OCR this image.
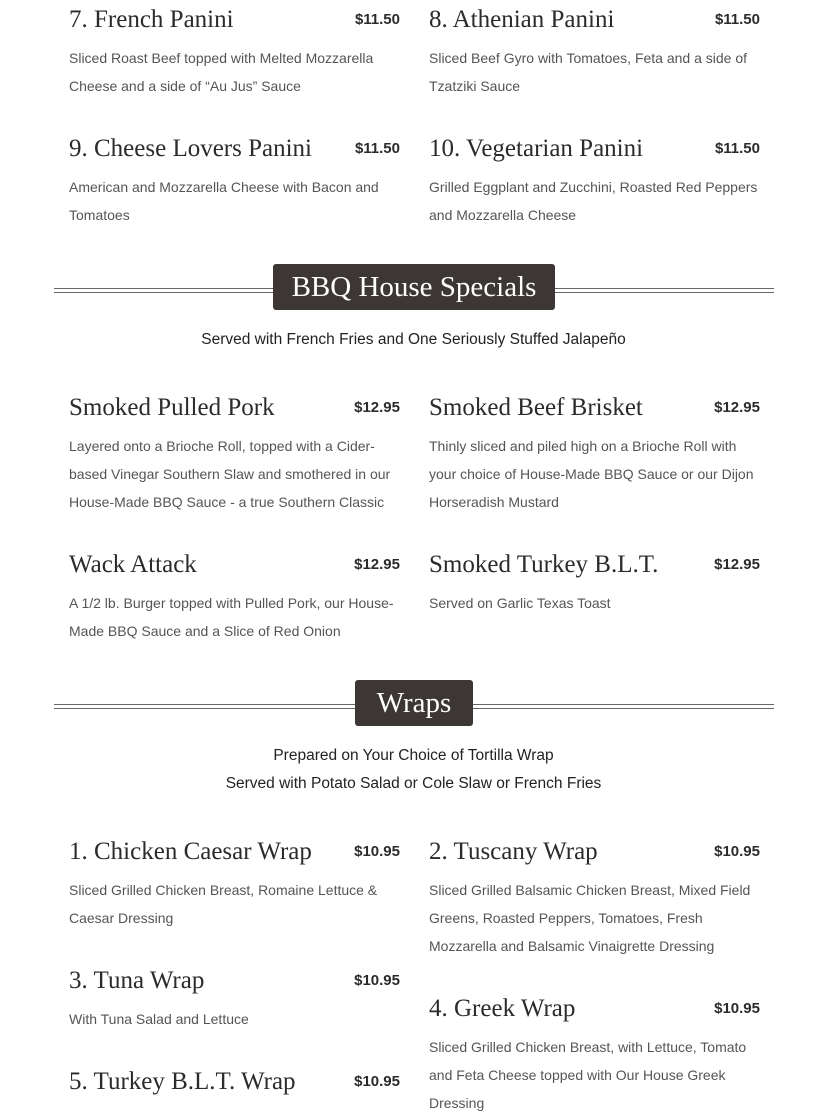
7. French Panini	$11.50
Sliced Roast Beef topped with Melted Mozzarella Cheese and a side of “Au Jus” Sauce
8. Athenian Panini	$11.50
Sliced Beef Gyro with Tomatoes, Feta and a side of Tzatziki Sauce
9. Cheese Lovers Panini	$11.50
American and Mozzarella Cheese with Bacon and Tomatoes
10. Vegetarian Panini	$11.50
Grilled Eggplant and Zucchini, Roasted Red Peppers and Mozzarella Cheese
BBQ House Specials
Served with French Fries and One Seriously Stuffed Jalapeño
Smoked Pulled Pork	$12.95
Layered onto a Brioche Roll, topped with a Cider-based Vinegar Southern Slaw and smothered in our House-Made BBQ Sauce - a true Southern Classic
Smoked Beef Brisket	$12.95
Thinly sliced and piled high on a Brioche Roll with your choice of House-Made BBQ Sauce or our Dijon Horseradish Mustard
Wack Attack	$12.95
A 1/2 lb. Burger topped with Pulled Pork, our House-Made BBQ Sauce and a Slice of Red Onion
Smoked Turkey B.L.T.	$12.95
Served on Garlic Texas Toast
Wraps
Prepared on Your Choice of Tortilla Wrap
Served with Potato Salad or Cole Slaw or French Fries
1. Chicken Caesar Wrap	$10.95
Sliced Grilled Chicken Breast, Romaine Lettuce & Caesar Dressing
2. Tuscany Wrap	$10.95
Sliced Grilled Balsamic Chicken Breast, Mixed Field Greens, Roasted Peppers, Tomatoes, Fresh Mozzarella and Balsamic Vinaigrette Dressing
3. Tuna Wrap	$10.95
With Tuna Salad and Lettuce	4. Greek Wrap	$10.95
Sliced Grilled Chicken Breast, with Lettuce, Tomato and Feta Cheese topped with Our House Greek Dressing
5. Turkey B.L.T. Wrap	$10.95
